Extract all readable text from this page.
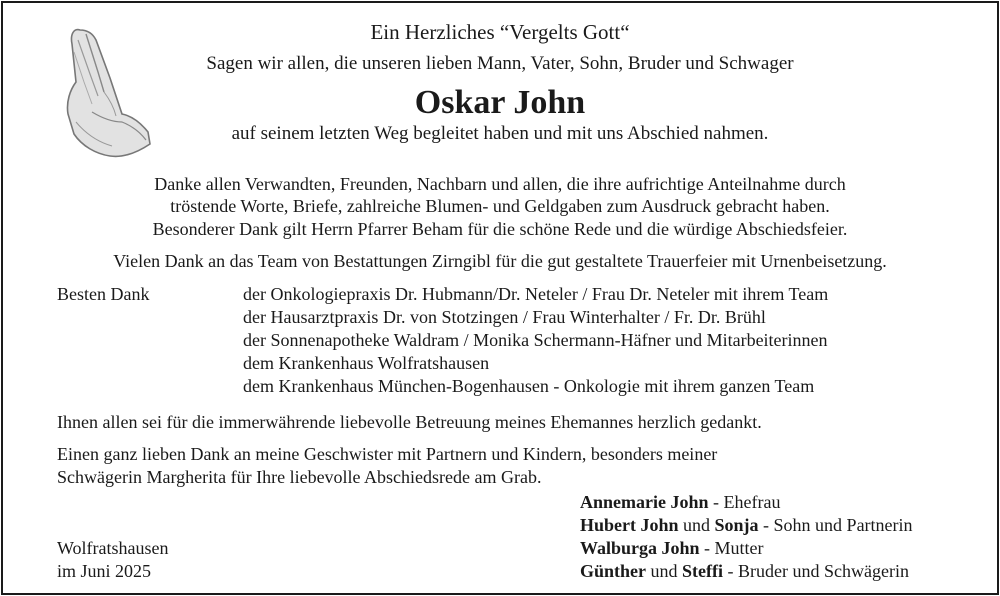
Ein Herzliches “Vergelts Gott“
Sagen wir allen, die unseren lieben Mann, Vater, Sohn, Bruder und Schwager
Oskar John
auf seinem letzten Weg begleitet haben und mit uns Abschied nahmen.
Danke allen Verwandten, Freunden, Nachbarn und allen, die ihre aufrichtige Anteilnahme durch
tröstende Worte, Briefe, zahlreiche Blumen- und Geldgaben zum Ausdruck gebracht haben.
Besonderer Dank gilt Herrn Pfarrer Beham für die schöne Rede und die würdige Abschiedsfeier.
Vielen Dank an das Team von Bestattungen Zirngibl für die gut gestaltete Trauerfeier mit Urnenbeisetzung.
Besten Dank	der Onkologiepraxis Dr. Hubmann/Dr. Neteler / Frau Dr. Neteler mit ihrem Team
der Hausarztpraxis Dr. von Stotzingen / Frau Winterhalter / Fr. Dr. Brühl
der Sonnenapotheke Waldram / Monika Schermann-Häfner und Mitarbeiterinnen
dem Krankenhaus Wolfratshausen
dem Krankenhaus München-Bogenhausen - Onkologie mit ihrem ganzen Team
Ihnen allen sei für die immerwährende liebevolle Betreuung meines Ehemannes herzlich gedankt.
Einen ganz lieben Dank an meine Geschwister mit Partnern und Kindern, besonders meiner
Schwägerin Margherita für Ihre liebevolle Abschiedsrede am Grab.
Annemarie John - Ehefrau
Hubert John und Sonja - Sohn und Partnerin
Walburga John - Mutter
Günther und Steffi - Bruder und Schwägerin
Wolfratshausen
im Juni 2025
